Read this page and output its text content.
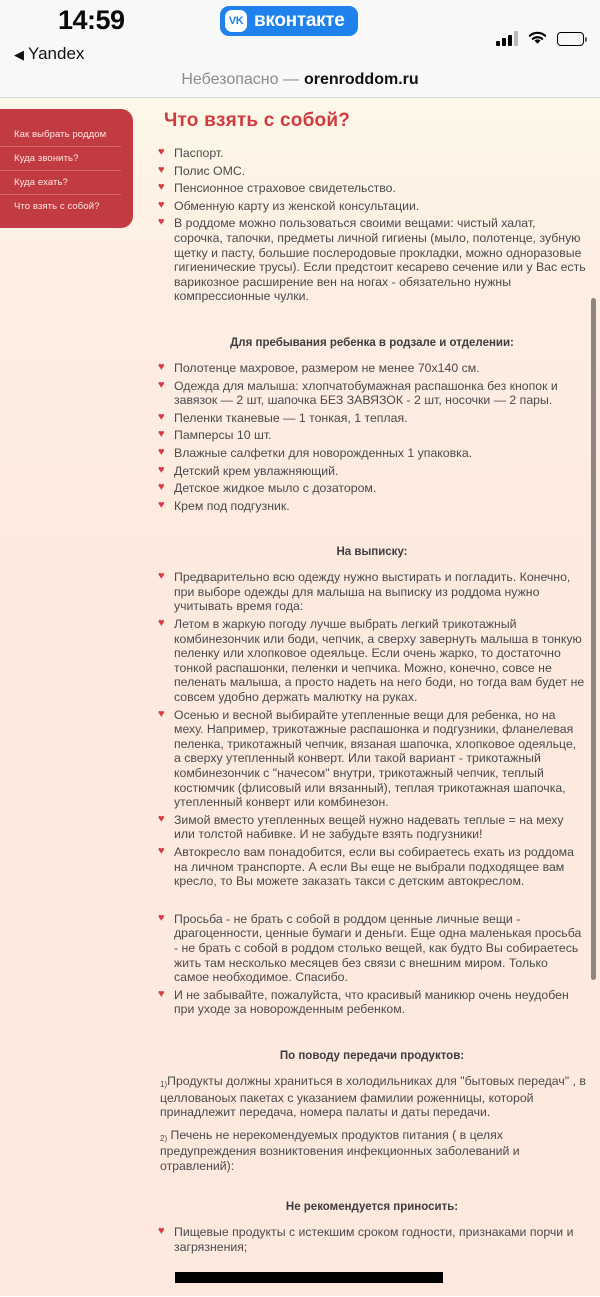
14:59
◀ Yandex
VK вконтакте
Небезопасно — orenroddom.ru
Как выбрать роддом
Куда звонить?
Куда ехать?
Что взять с собой?
Что взять с собой?
♥ Паспорт.
♥ Полис ОМС.
♥ Пенсионное страховое свидетельство.
♥ Обменную карту из женской консультации.
♥ В роддоме можно пользоваться своими вещами: чистый халат, сорочка, тапочки, предметы личной гигиены (мыло, полотенце, зубную щетку и пасту, большие послеродовые прокладки, можно одноразовые гигиенические трусы). Если предстоит кесарево сечение или у Вас есть варикозное расширение вен на ногах - обязательно нужны компрессионные чулки.

Для пребывания ребенка в родзале и отделении:

♥ Полотенце махровое, размером не менее 70x140 см.
♥ Одежда для малыша: хлопчатобумажная распашонка без кнопок и завязок — 2 шт, шапочка БЕЗ ЗАВЯЗОК - 2 шт, носочки — 2 пары.
♥ Пеленки тканевые — 1 тонкая, 1 теплая.
♥ Памперсы 10 шт.
♥ Влажные салфетки для новорожденных 1 упаковка.
♥ Детский крем увлажняющий.
♥ Детское жидкое мыло с дозатором.
♥ Крем под подгузник.

На выписку:

♥ Предварительно всю одежду нужно выстирать и погладить. Конечно, при выборе одежды для малыша на выписку из роддома нужно учитывать время года:
♥ Летом в жаркую погоду лучше выбрать легкий трикотажный комбинезончик или боди, чепчик, а сверху завернуть малыша в тонкую пеленку или хлопковое одеяльце. Если очень жарко, то достаточно тонкой распашонки, пеленки и чепчика. Можно, конечно, совсе не пеленать малыша, а просто надеть на него боди, но тогда вам будет не совсем удобно держать малютку на руках.
♥ Осенью и весной выбирайте утепленные вещи для ребенка, но на меху. Например, трикотажные распашонка и подгузники, фланелевая пеленка, трикотажный чепчик, вязаная шапочка, хлопковое одеяльце, а сверху утепленный конверт. Или такой вариант - трикотажный комбинезончик с "начесом" внутри, трикотажный чепчик, теплый костюмчик (флисовый или вязанный), теплая трикотажная шапочка, утепленный конверт или комбинезон.
♥ Зимой вместо утепленных вещей нужно надевать теплые = на меху или толстой набивке. И не забудьте взять подгузники!
♥ Автокресло вам понадобится, если вы собираетесь ехать из роддома на личном транспорте. А если Вы еще не выбрали подходящее вам кресло, то Вы можете заказать такси с детским автокреслом.
♥ Просьба - не брать с собой в роддом ценные личные вещи - драгоценности, ценные бумаги и деньги. Еще одна маленькая просьба - не брать с собой в роддом столько вещей, как будто Вы собираетесь жить там несколько месяцев без связи с внешним миром. Только самое необходимое. Спасибо.
♥ И не забывайте, пожалуйста, что красивый маникюр очень неудобен при уходе за новорожденным ребенком.

По поводу передачи продуктов:

$_{1)}$Продукты должны храниться в холодильниках для "бытовых передач" , в целлованоых пакетах с указанием фамилии роженницы, которой принадлежит передача, номера палаты и даты передачи.

$_{2)}$ Печень не нерекомендуемых продуктов питания ( в целях предупреждения возниктовения инфекционных заболеваний и отравлений):

Не рекомендуется приносить:

♥ Пищевые продукты с истекшим сроком годности, признаками порчи и загрязнения;
